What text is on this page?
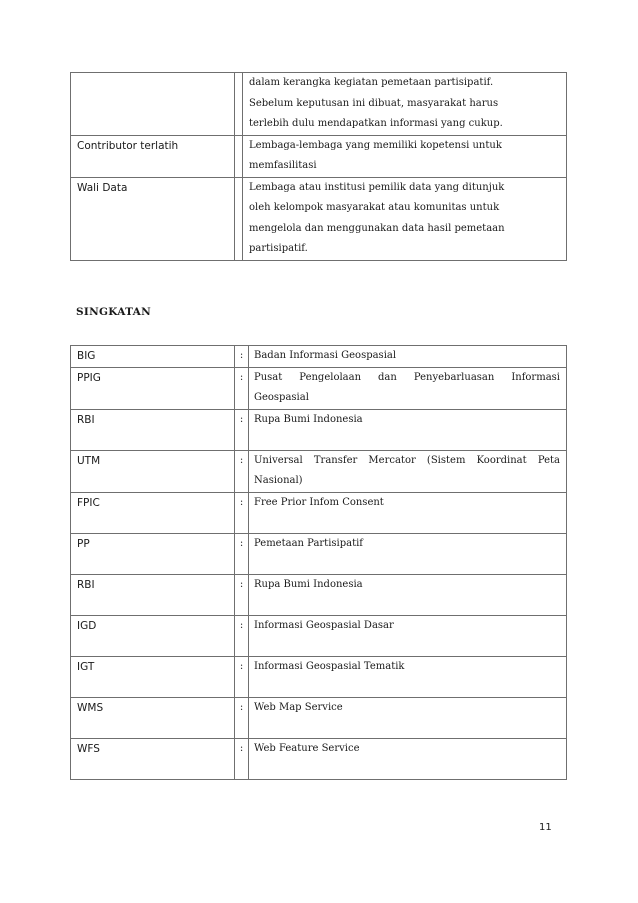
		dalam kerangka kegiatan pemetaan partisipatif.
Sebelum keputusan ini dibuat, masyarakat harus
terlebih dulu mendapatkan informasi yang cukup.

Contributor terlatih		Lembaga-lembaga yang memiliki kopetensi untuk
memfasilitasi

Wali Data		Lembaga atau institusi pemilik data yang ditunjuk
oleh kelompok masyarakat atau komunitas untuk
mengelola dan menggunakan data hasil pemetaan
partisipatif.
SINGKATAN
BIG	:	Badan Informasi Geospasial

PPIG	:	Pusat Pengelolaan dan Penyebarluasan Informasi
Geospasial

RBI	:	Rupa Bumi Indonesia

UTM	:	Universal Transfer Mercator (Sistem Koordinat Peta
Nasional)

FPIC	:	Free Prior Infom Consent

PP	:	Pemetaan Partisipatif

RBI	:	Rupa Bumi Indonesia

IGD	:	Informasi Geospasial Dasar

IGT	:	Informasi Geospasial Tematik

WMS	:	Web Map Service

WFS	:	Web Feature Service
11
